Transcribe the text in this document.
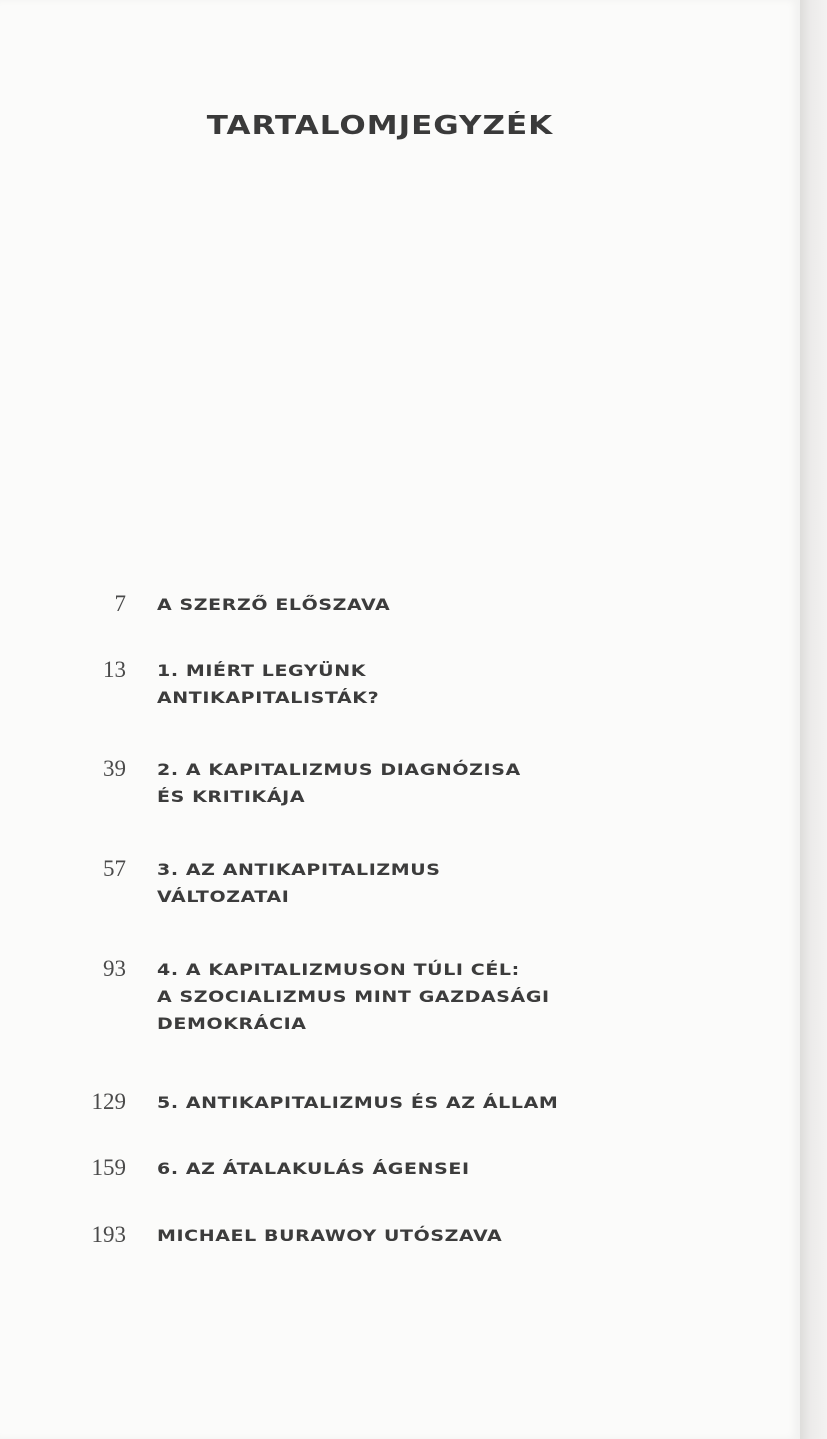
TARTALOMJEGYZÉK
7 A SZERZŐ ELŐSZAVA
13 1. MIÉRT LEGYÜNK
ANTIKAPITALISTÁK?
39 2. A KAPITALIZMUS DIAGNÓZISA
ÉS KRITIKÁJA
57 3. AZ ANTIKAPITALIZMUS
VÁLTOZATAI
93 4. A KAPITALIZMUSON TÚLI CÉL:
A SZOCIALIZMUS MINT GAZDASÁGI
DEMOKRÁCIA
129 5. ANTIKAPITALIZMUS ÉS AZ ÁLLAM
159 6. AZ ÁTALAKULÁS ÁGENSEI
193 MICHAEL BURAWOY UTÓSZAVA
